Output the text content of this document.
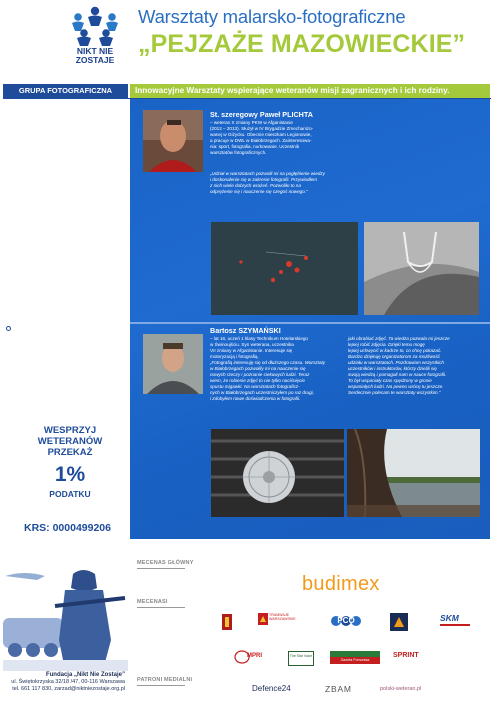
NIKT NIE
ZOSTAJE
Warsztaty malarsko-fotograficzne
„PEJZAŻE MAZOWIECKIE”
GRUPA FOTOGRAFICZNA	Innowacyjne Warsztaty wspierające weteranów misji zagranicznych i ich rodziny.
St. szeregowy Paweł PLICHTA
– weteran X zmiany PKW w Afganistanie
(2012 – 2013). Służył w IV Brygadzie Zmechanizo-
wanej w Giżycku. Obecnie mieszkam Legionowie,
a pracuje w DWL w Białobrzegach. Zainteresowa-
nia: sport, fotografia, nurkowanie. Uczestnik
warsztatów fotograficznych.
„Udział w warsztatach pozwolił mi na pogłębienie wiedzy
i doskonalenie się w zakresie fotografii. Przywiodłem
z nich wiele dobrych wrażeń. Pozwoliło to na
odprężenie się i nauczenie się czegoś nowego.”
Bartosz SZYMAŃSKI
– lat 16, uczeń 1 klasy Technikum Hotelarskiego
w Świnoujściu. Syn weterana, uczestnika
VII zmiany w Afganistanie. Interesuje się
motoryzacją i fotografią.
„Fotografią interesuję się od dłuższego czasu. Warsztaty
w Białobrzegach pozwoliły mi na nauczenie się
nowych rzeczy i poznanie ciekawych ludzi. Teraz
wiem, że robienie zdjęć to nie tylko naciśnięcie
spustu migawki. Na warsztatach fotograficz-
nych w Białobrzegach uczestniczyłem po raz drugi,
i zdobyłem nowe doświadczenia w fotografii.
jaki obrabiać zdjęć. Ta wiedza pozwala mi jeszcze
lepiej robić zdjęcia. Dzięki temu mogę
lepiej uchwycić w kadrze to, co chcę pokazać.
Bardzo dziękuję organizatorom za możliwość
udziału w warsztatach. Pozdrawiam wszystkich
uczestników i instruktorów, którzy dzielili się
swoją wiedzą i pomagali nam w nauce fotografii.
To był wspaniały czas spędzony w gronie
wspaniałych ludzi. Na pewno wrócę tu jeszcze.
Serdecznie polecam te warsztaty wszystkim.”
WESPRZYJ
WETERANÓW
PRZEKAŻ
1%
PODATKU
KRS: 0000499206
Fundacja „Nikt Nie Zostaje”
ul. Świętokrzyska 32/18 /47, 00-116 Warszawa
tel. 661 117 830, zarzad@niktniezostaje.org.pl
MECENAS GŁÓWNY
budimex
MECENASI
TRAMWAJE WARSZAWSKIE	PCO	SKM
PATRONI MEDIALNI
MPRI	The Star Voice
Gazeta Pomorska
SPRINT
Defence24	ZBAM	polski-weteran.pl
